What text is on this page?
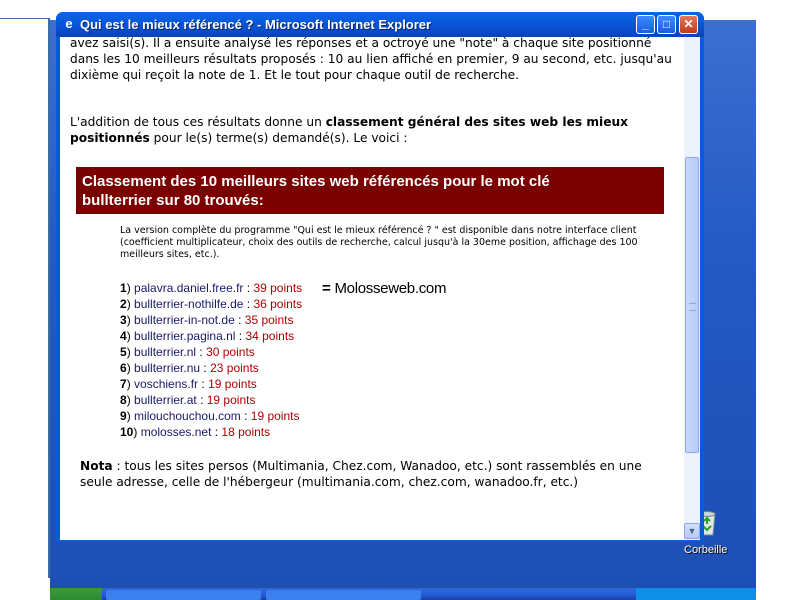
Corbeille
e Qui est le mieux référencé ? - Microsoft Internet Explorer	_	□	✕

avez saisi(s). Il a ensuite analysé les réponses et a octroyé une "note" à chaque site positionné dans les 10 meilleurs résultats proposés : 10 au lien affiché en premier, 9 au second, etc. jusqu'au dixième qui reçoit la note de 1. Et le tout pour chaque outil de recherche.

L'addition de tous ces résultats donne un classement général des sites web les mieux positionnés pour le(s) terme(s) demandé(s). Le voici :

Classement des 10 meilleurs sites web référencés pour le mot clé
bullterrier sur 80 trouvés:
La version complète du programme "Qui est le mieux référencé ? " est disponible dans notre interface client (coefficient multiplicateur, choix des outils de recherche, calcul jusqu'à la 30eme position, affichage des 100 meilleurs sites, etc.).
1) palavra.daniel.free.fr : 39 points
2) bullterrier-nothilfe.de : 36 points
3) bullterrier-in-not.de : 35 points
4) bullterrier.pagina.nl : 34 points
5) bullterrier.nl : 30 points
6) bullterrier.nu : 23 points
7) voschiens.fr : 19 points
8) bullterrier.at : 19 points
9) milouchouchou.com : 19 points
10) molosses.net : 18 points
= Molosseweb.com
Nota : tous les sites persos (Multimania, Chez.com, Wanadoo, etc.) sont rassemblés en une seule adresse, celle de l'hébergeur (multimania.com, chez.com, wanadoo.fr, etc.)
▼
